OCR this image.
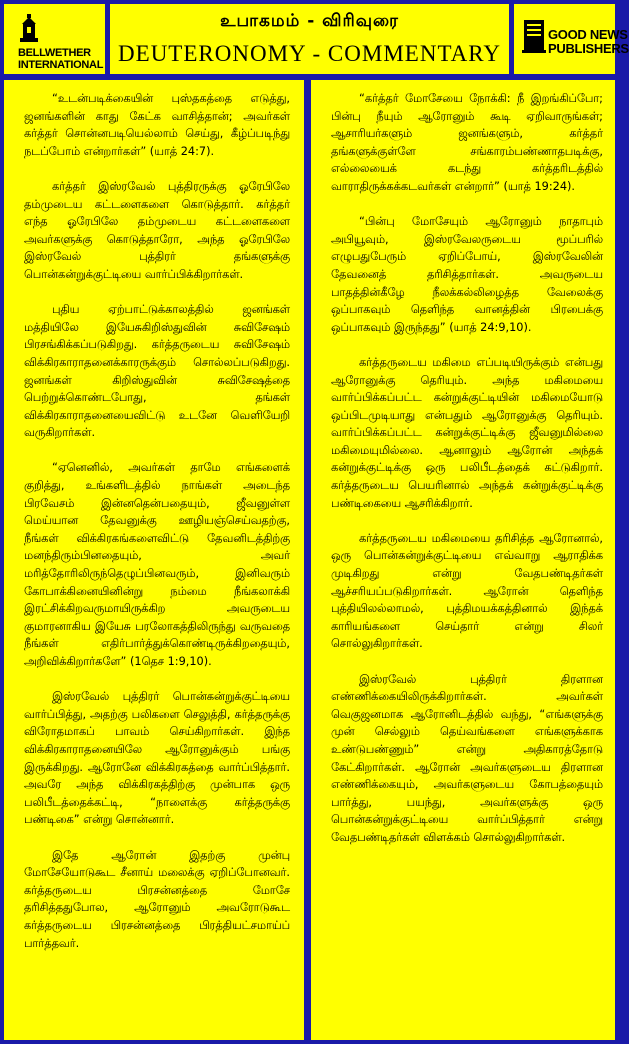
BELLWETHER
INTERNATIONAL
உபாகமம் - விரிவுரை
DEUTERONOMY - COMMENTARY
GOOD NEWS
PUBLISHERS

“உடன்படிக்கையின் புஸ்தகத்தை எடுத்து, ஜனங்களின் காது கேட்க வாசித்தான்; அவர்கள் கர்த்தர் சொன்னபடியெல்லாம் செய்து, கீழ்ப்படிந்து நடப்போம் என்றார்கள்” (யாத் 24:7).

கர்த்தர் இஸ்ரவேல் புத்திரருக்கு ஓரேபிலே தம்முடைய கட்டளைகளை கொடுத்தார். கர்த்தர் எந்த ஓரேபிலே தம்முடைய கட்டளைகளை அவர்களுக்கு கொடுத்தாரோ, அந்த ஓரேபிலே இஸ்ரவேல் புத்திரர் தங்களுக்கு பொன்கன்றுக்குட்டியை வார்ப்பிக்கிறார்கள்.

புதிய ஏற்பாட்டுக்காலத்தில் ஜனங்கள் மத்தியிலே இயேசுகிறிஸ்துவின் சுவிசேஷம் பிரசங்கிக்கப்படுகிறது. கர்த்தருடைய சுவிசேஷம் விக்கிரகாராதனைக்காரருக்கும் சொல்லப்படுகிறது. ஜனங்கள் கிறிஸ்துவின் சுவிசேஷத்தை பெற்றுக்கொண்டபோது, தங்கள் விக்கிரகாராதனையைவிட்டு உடனே வெளியேறி வருகிறார்கள்.

“ஏனெனில், அவர்கள் தாமே எங்களைக் குறித்து, உங்களிடத்தில் நாங்கள் அடைந்த பிரவேசம் இன்னதென்பதையும், ஜீவனுள்ள மெய்யான தேவனுக்கு ஊழியஞ்செய்வதற்கு, நீங்கள் விக்கிரகங்களைவிட்டு தேவனிடத்திற்கு மனந்திரும்பினதையும், அவர் மரித்தோரிலிருந்தெழுப்பினவரும், இனிவரும் கோபாக்கினையினின்று நம்மை நீங்கலாக்கி இரட்சிக்கிறவருமாயிருக்கிற அவருடைய குமாரனாகிய இயேசு பரலோகத்திலிருந்து வருவதை நீங்கள் எதிர்பார்த்துக்கொண்டிருக்கிறதையும், அறிவிக்கிறார்களே” (1தெச 1:9,10).

இஸ்ரவேல் புத்திரர் பொன்கன்றுக்குட்டியை வார்ப்பித்து, அதற்கு பலிகளை செலுத்தி, கர்த்தருக்கு விரோதமாகப் பாவம் செய்கிறார்கள். இந்த விக்கிரகாராதனையிலே ஆரோனுக்கும் பங்கு இருக்கிறது. ஆரோனே விக்கிரகத்தை வார்ப்பித்தார். அவரே அந்த விக்கிரகத்திற்கு முன்பாக ஒரு பலிபீடத்தைக்கட்டி, “நாளைக்கு கர்த்தருக்கு பண்டிகை” என்று சொன்னார்.

இதே ஆரோன் இதற்கு முன்பு மோசேயோடுகூட சீனாய் மலைக்கு ஏறிப்போனவர். கர்த்தருடைய பிரசன்னத்தை மோசே தரிசித்ததுபோல, ஆரோனும் அவரோடுகூட கர்த்தருடைய பிரசன்னத்தை பிரத்தியட்சமாய்ப் பார்த்தவர்.

“கர்த்தர் மோசேயை நோக்கி: நீ இறங்கிப்போ; பின்பு நீயும் ஆரோனும் கூடி ஏறிவாருங்கள்; ஆசாரியர்களும் ஜனங்களும், கர்த்தர் தங்களுக்குள்ளே சங்காரம்பண்ணாதபடிக்கு, எல்லையைக் கடந்து கர்த்தரிடத்தில் வாராதிருக்கக்கடவர்கள் என்றார்” (யாத் 19:24).

“பின்பு மோசேயும் ஆரோனும் நாதாபும் அபியூவும், இஸ்ரவேலருடைய மூப்பரில் எழுபதுபேரும் ஏறிப்போய், இஸ்ரவேலின் தேவனைத் தரிசித்தார்கள். அவருடைய பாதத்தின்கீழே நீலக்கல்லிழைத்த வேலைக்கு ஒப்பாகவும் தெளிந்த வானத்தின் பிரபைக்கு ஒப்பாகவும் இருந்தது” (யாத் 24:9,10).

கர்த்தருடைய மகிமை எப்படியிருக்கும் என்பது ஆரோனுக்கு தெரியும். அந்த மகிமையை வார்ப்பிக்கப்பட்ட கன்றுக்குட்டியின் மகிமையோடு ஒப்பிடமுடியாது என்பதும் ஆரோனுக்கு தெரியும். வார்ப்பிக்கப்பட்ட கன்றுக்குட்டிக்கு ஜீவனுமில்லை மகிமையுமில்லை. ஆனாலும் ஆரோன் அந்தக் கன்றுக்குட்டிக்கு ஒரு பலிபீடத்தைக் கட்டுகிறார். கர்த்தருடைய பெயரினால் அந்தக் கன்றுக்குட்டிக்கு பண்டிகையை ஆசரிக்கிறார்.

கர்த்தருடைய மகிமையை தரிசித்த ஆரோனால், ஒரு பொன்கன்றுக்குட்டியை எவ்வாறு ஆராதிக்க முடிகிறது என்று வேதபண்டிதர்கள் ஆச்சரியப்படுகிறார்கள். ஆரோன் தெளிந்த புத்தியிலல்லாமல், புத்திமயக்கத்தினால் இந்தக் காரியங்களை செய்தார் என்று சிலர் சொல்லுகிறார்கள்.

இஸ்ரவேல் புத்திரர் திரளான எண்ணிக்கையிலிருக்கிறார்கள். அவர்கள் வெகுஜனமாக ஆரோனிடத்தில் வந்து, “எங்களுக்கு முன் செல்லும் தெய்வங்களை எங்களுக்காக உண்டுபண்ணும்” என்று அதிகாரத்தோடு கேட்கிறார்கள். ஆரோன் அவர்களுடைய திரளான எண்ணிக்கையும், அவர்களுடைய கோபத்தையும் பார்த்து, பயந்து, அவர்களுக்கு ஒரு பொன்கன்றுக்குட்டியை வார்ப்பித்தார் என்று வேதபண்டிதர்கள் விளக்கம் சொல்லுகிறார்கள்.
